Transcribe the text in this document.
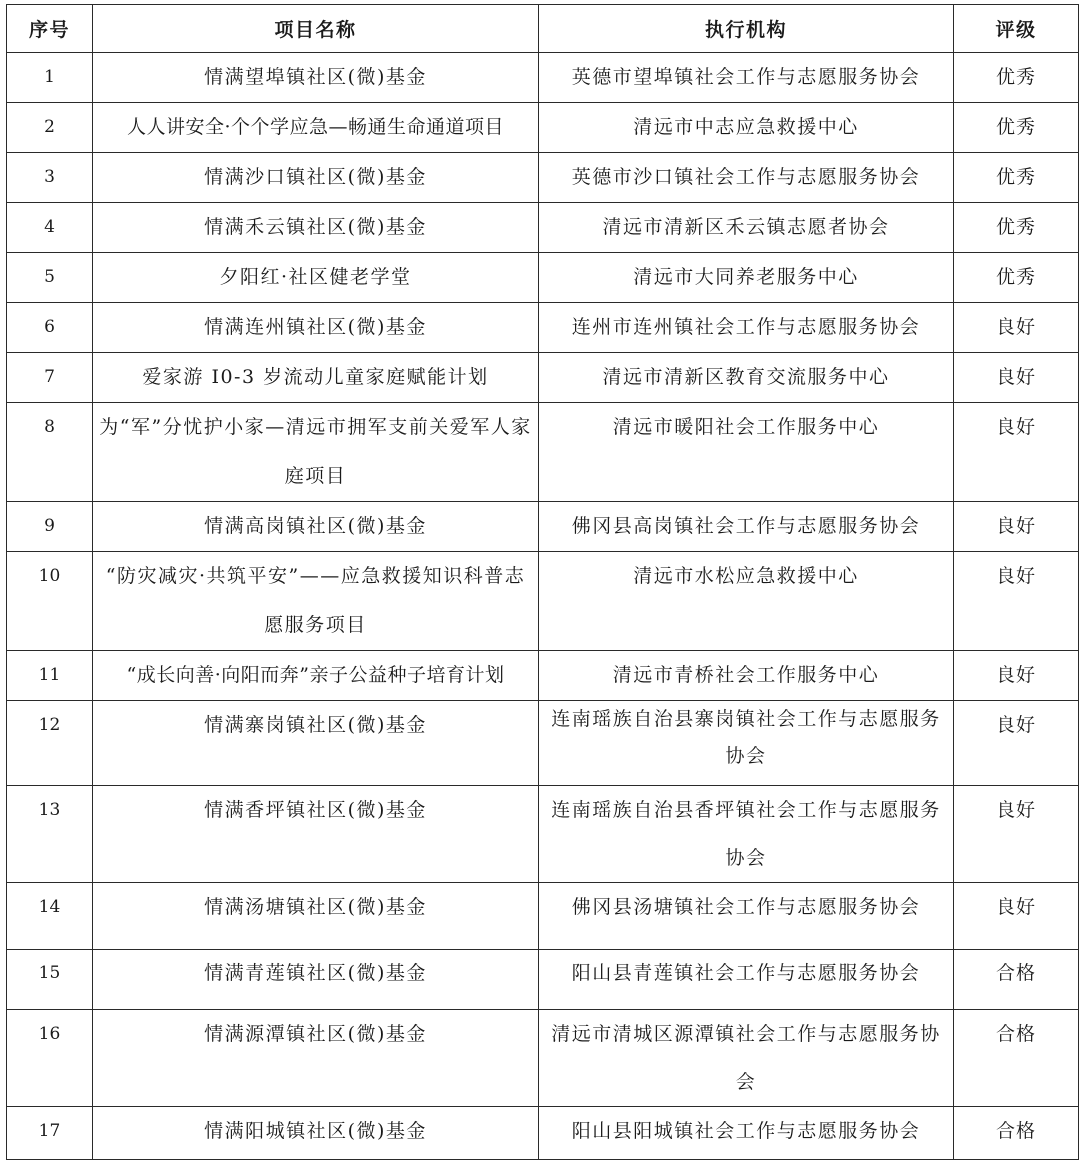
序号	项目名称	执行机构	评级
1	情满望埠镇社区(微)基金	英德市望埠镇社会工作与志愿服务协会	优秀
2	人人讲安全·个个学应急—畅通生命通道项目	清远市中志应急救援中心	优秀
3	情满沙口镇社区(微)基金	英德市沙口镇社会工作与志愿服务协会	优秀
4	情满禾云镇社区(微)基金	清远市清新区禾云镇志愿者协会	优秀
5	夕阳红·社区健老学堂	清远市大同养老服务中心	优秀
6	情满连州镇社区(微)基金	连州市连州镇社会工作与志愿服务协会	良好
7	爱家游 I0-3 岁流动儿童家庭赋能计划	清远市清新区教育交流服务中心	良好
8	为“军”分忧护小家—清远市拥军支前关爱军人家庭项目	清远市暖阳社会工作服务中心	良好
9	情满高岗镇社区(微)基金	佛冈县高岗镇社会工作与志愿服务协会	良好
10	“防灾减灾·共筑平安”——应急救援知识科普志愿服务项目	清远市水松应急救援中心	良好
11	“成长向善·向阳而奔”亲子公益种子培育计划	清远市青桥社会工作服务中心	良好
12	情满寨岗镇社区(微)基金	连南瑶族自治县寨岗镇社会工作与志愿服务协会	良好
13	情满香坪镇社区(微)基金	连南瑶族自治县香坪镇社会工作与志愿服务协会	良好
14	情满汤塘镇社区(微)基金	佛冈县汤塘镇社会工作与志愿服务协会	良好
15	情满青莲镇社区(微)基金	阳山县青莲镇社会工作与志愿服务协会	合格
16	情满源潭镇社区(微)基金	清远市清城区源潭镇社会工作与志愿服务协会	合格
17	情满阳城镇社区(微)基金	阳山县阳城镇社会工作与志愿服务协会	合格
